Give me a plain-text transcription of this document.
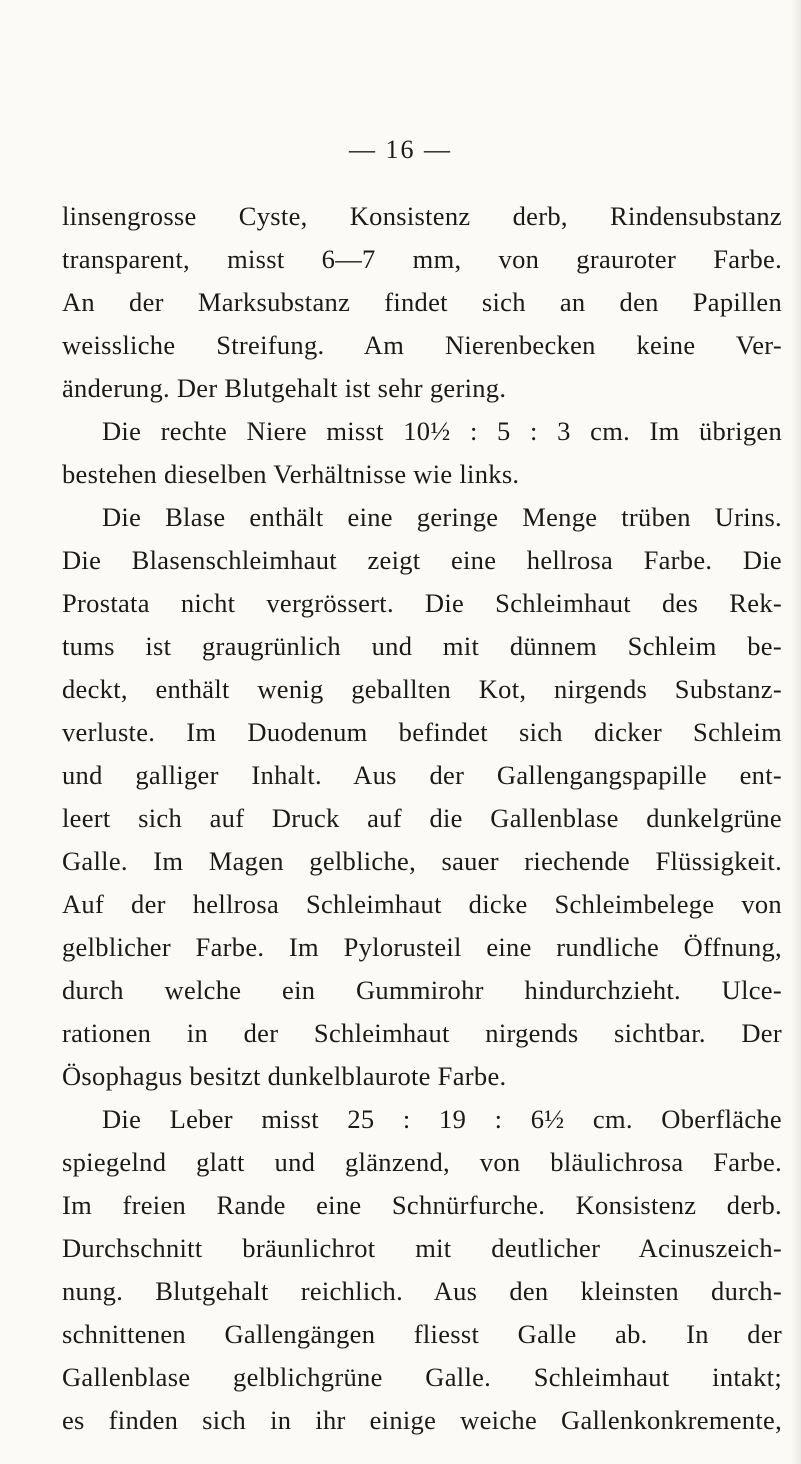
— 16 —
linsengrosse Cyste, Konsistenz derb, Rindensubstanz
transparent, misst 6—7 mm, von grauroter Farbe.
An der Marksubstanz findet sich an den Papillen
weissliche Streifung. Am Nierenbecken keine Ver-
änderung. Der Blutgehalt ist sehr gering.
Die rechte Niere misst 10½ : 5 : 3 cm. Im übrigen
bestehen dieselben Verhältnisse wie links.
Die Blase enthält eine geringe Menge trüben Urins.
Die Blasenschleimhaut zeigt eine hellrosa Farbe. Die
Prostata nicht vergrössert. Die Schleimhaut des Rek-
tums ist graugrünlich und mit dünnem Schleim be-
deckt, enthält wenig geballten Kot, nirgends Substanz-
verluste. Im Duodenum befindet sich dicker Schleim
und galliger Inhalt. Aus der Gallengangspapille ent-
leert sich auf Druck auf die Gallenblase dunkelgrüne
Galle. Im Magen gelbliche, sauer riechende Flüssigkeit.
Auf der hellrosa Schleimhaut dicke Schleimbelege von
gelblicher Farbe. Im Pylorusteil eine rundliche Öffnung,
durch welche ein Gummirohr hindurchzieht. Ulce-
rationen in der Schleimhaut nirgends sichtbar. Der
Ösophagus besitzt dunkelblaurote Farbe.
Die Leber misst 25 : 19 : 6½ cm. Oberfläche
spiegelnd glatt und glänzend, von bläulichrosa Farbe.
Im freien Rande eine Schnürfurche. Konsistenz derb.
Durchschnitt bräunlichrot mit deutlicher Acinuszeich-
nung. Blutgehalt reichlich. Aus den kleinsten durch-
schnittenen Gallengängen fliesst Galle ab. In der
Gallenblase gelblichgrüne Galle. Schleimhaut intakt;
es finden sich in ihr einige weiche Gallenkonkremente,
